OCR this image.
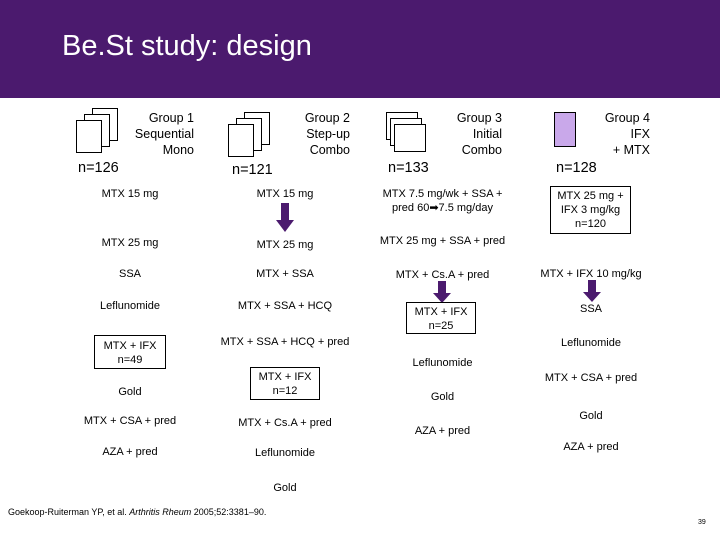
Be.St study: design
Group 1
Sequential
Mono
n=126
Group 2
Step-up
Combo
n=121
Group 3
Initial
Combo
n=133
Group 4
IFX
+ MTX
n=128
MTX 15 mg
MTX 25 mg
SSA
Leflunomide
MTX + IFX
n=49
Gold
MTX + CSA + pred
AZA + pred
MTX 15 mg
MTX 25 mg
MTX + SSA
MTX + SSA + HCQ
MTX + SSA + HCQ + pred
MTX + IFX
n=12
MTX + Cs.A + pred
Leflunomide
Gold
MTX 7.5 mg/wk + SSA +
pred 60➡7.5 mg/day
MTX 25 mg + SSA + pred
MTX + Cs.A + pred
MTX + IFX
n=25
Leflunomide
Gold
AZA + pred
MTX 25 mg +
IFX 3 mg/kg
n=120
MTX + IFX 10 mg/kg
SSA
Leflunomide
MTX + CSA + pred
Gold
AZA + pred
Goekoop-Ruiterman YP, et al. Arthritis Rheum 2005;52:3381–90.
39
